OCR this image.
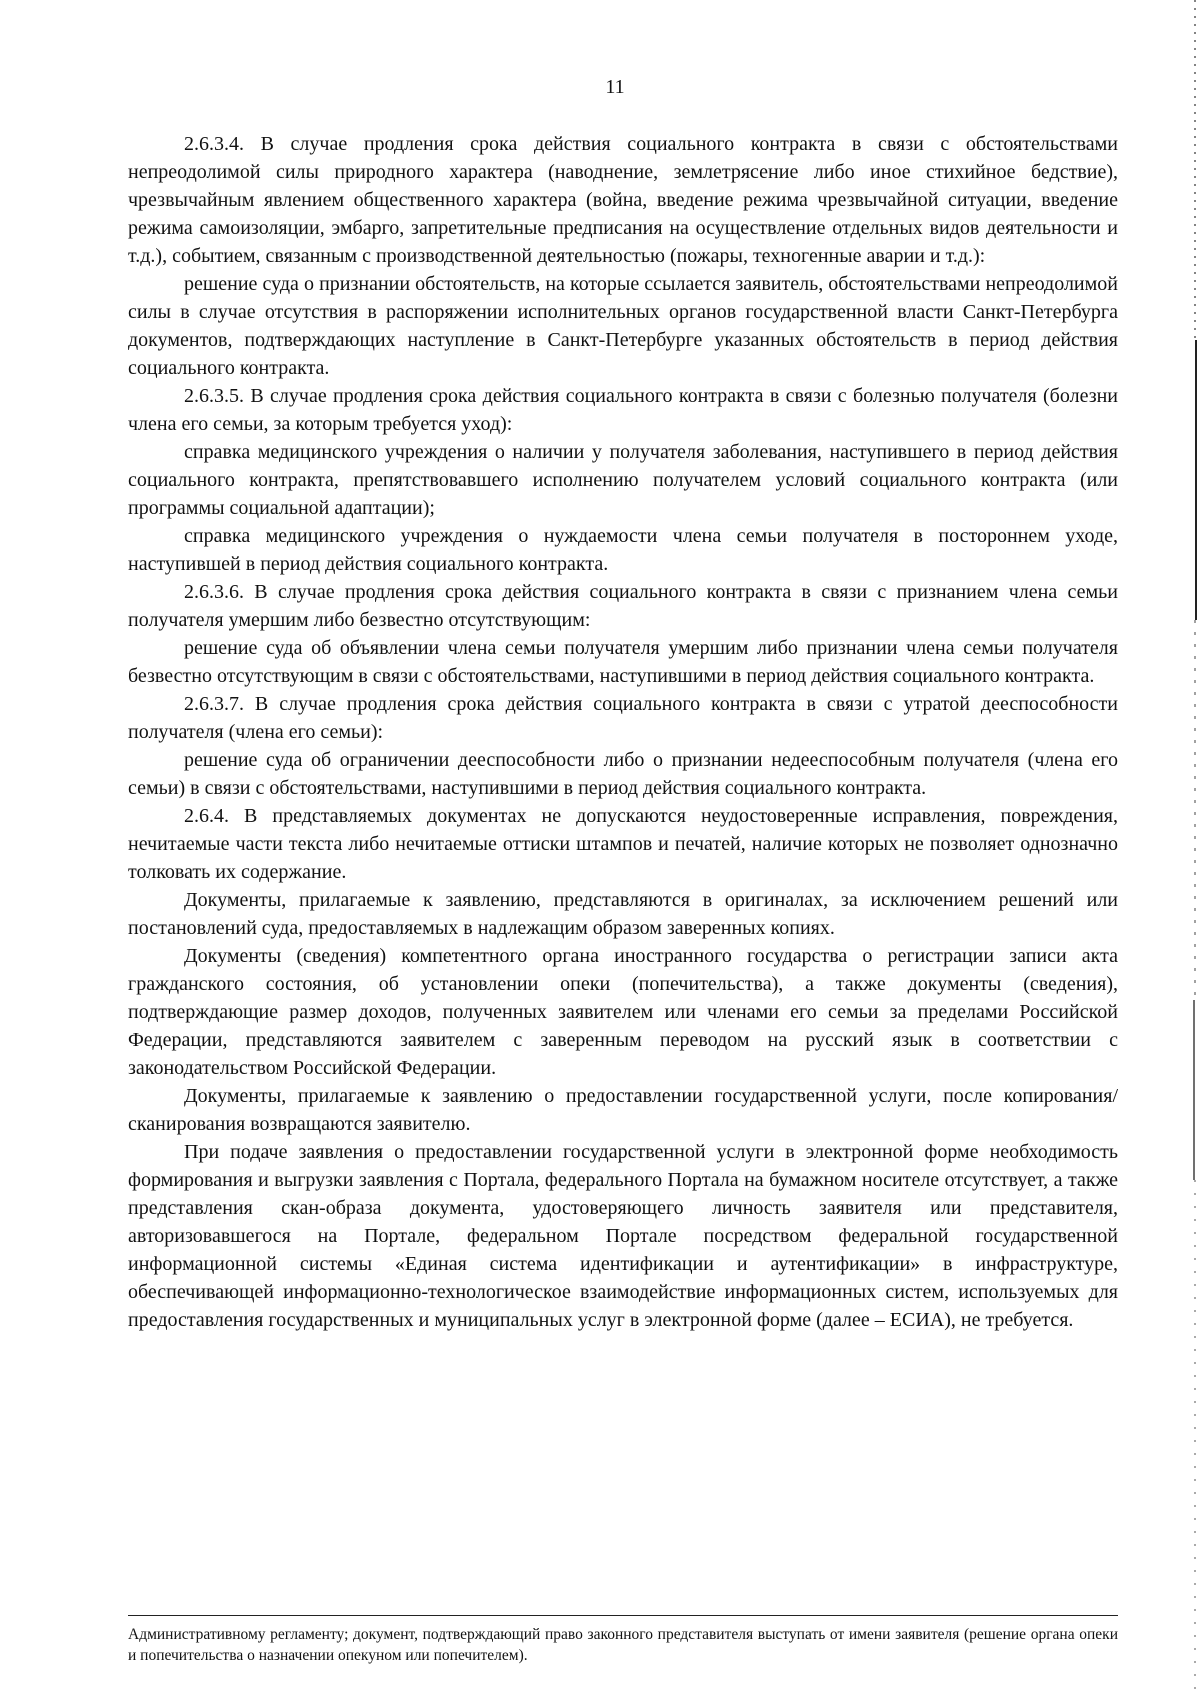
11

2.6.3.4. В случае продления срока действия социального контракта в связи с обстоятельствами непреодолимой силы природного характера (наводнение, землетрясение либо иное стихийное бедствие), чрезвычайным явлением общественного характера (война, введение режима чрезвычайной ситуации, введение режима самоизоляции, эмбарго, запретительные предписания на осуществление отдельных видов деятельности и т.д.), событием, связанным с производственной деятельностью (пожары, техногенные аварии и т.д.):

решение суда о признании обстоятельств, на которые ссылается заявитель, обстоятельствами непреодолимой силы в случае отсутствия в распоряжении исполнительных органов государственной власти Санкт-Петербурга документов, подтверждающих наступление в Санкт-Петербурге указанных обстоятельств в период действия социального контракта.

2.6.3.5. В случае продления срока действия социального контракта в связи с болезнью получателя (болезни члена его семьи, за которым требуется уход):

справка медицинского учреждения о наличии у получателя заболевания, наступившего в период действия социального контракта, препятствовавшего исполнению получателем условий социального контракта (или программы социальной адаптации);

справка медицинского учреждения о нуждаемости члена семьи получателя в постороннем уходе, наступившей в период действия социального контракта.

2.6.3.6. В случае продления срока действия социального контракта в связи с признанием члена семьи получателя умершим либо безвестно отсутствующим:

решение суда об объявлении члена семьи получателя умершим либо признании члена семьи получателя безвестно отсутствующим в связи с обстоятельствами, наступившими в период действия социального контракта.

2.6.3.7. В случае продления срока действия социального контракта в связи с утратой дееспособности получателя (члена его семьи):

решение суда об ограничении дееспособности либо о признании недееспособным получателя (члена его семьи) в связи с обстоятельствами, наступившими в период действия социального контракта.

2.6.4. В представляемых документах не допускаются неудостоверенные исправления, повреждения, нечитаемые части текста либо нечитаемые оттиски штампов и печатей, наличие которых не позволяет однозначно толковать их содержание.

Документы, прилагаемые к заявлению, представляются в оригиналах, за исключением решений или постановлений суда, предоставляемых в надлежащим образом заверенных копиях.

Документы (сведения) компетентного органа иностранного государства о регистрации записи акта гражданского состояния, об установлении опеки (попечительства), а также документы (сведения), подтверждающие размер доходов, полученных заявителем или членами его семьи за пределами Российской Федерации, представляются заявителем с заверенным переводом на русский язык в соответствии с законодательством Российской Федерации.

Документы, прилагаемые к заявлению о предоставлении государственной услуги, после копирования/сканирования возвращаются заявителю.

При подаче заявления о предоставлении государственной услуги в электронной форме необходимость формирования и выгрузки заявления с Портала, федерального Портала на бумажном носителе отсутствует, а также представления скан-образа документа, удостоверяющего личность заявителя или представителя, авторизовавшегося на Портале, федеральном Портале посредством федеральной государственной информационной системы «Единая система идентификации и аутентификации» в инфраструктуре, обеспечивающей информационно-технологическое взаимодействие информационных систем, используемых для предоставления государственных и муниципальных услуг в электронной форме (далее – ЕСИА), не требуется.

Административному регламенту; документ, подтверждающий право законного представителя выступать от имени заявителя (решение органа опеки и попечительства о назначении опекуном или попечителем).
